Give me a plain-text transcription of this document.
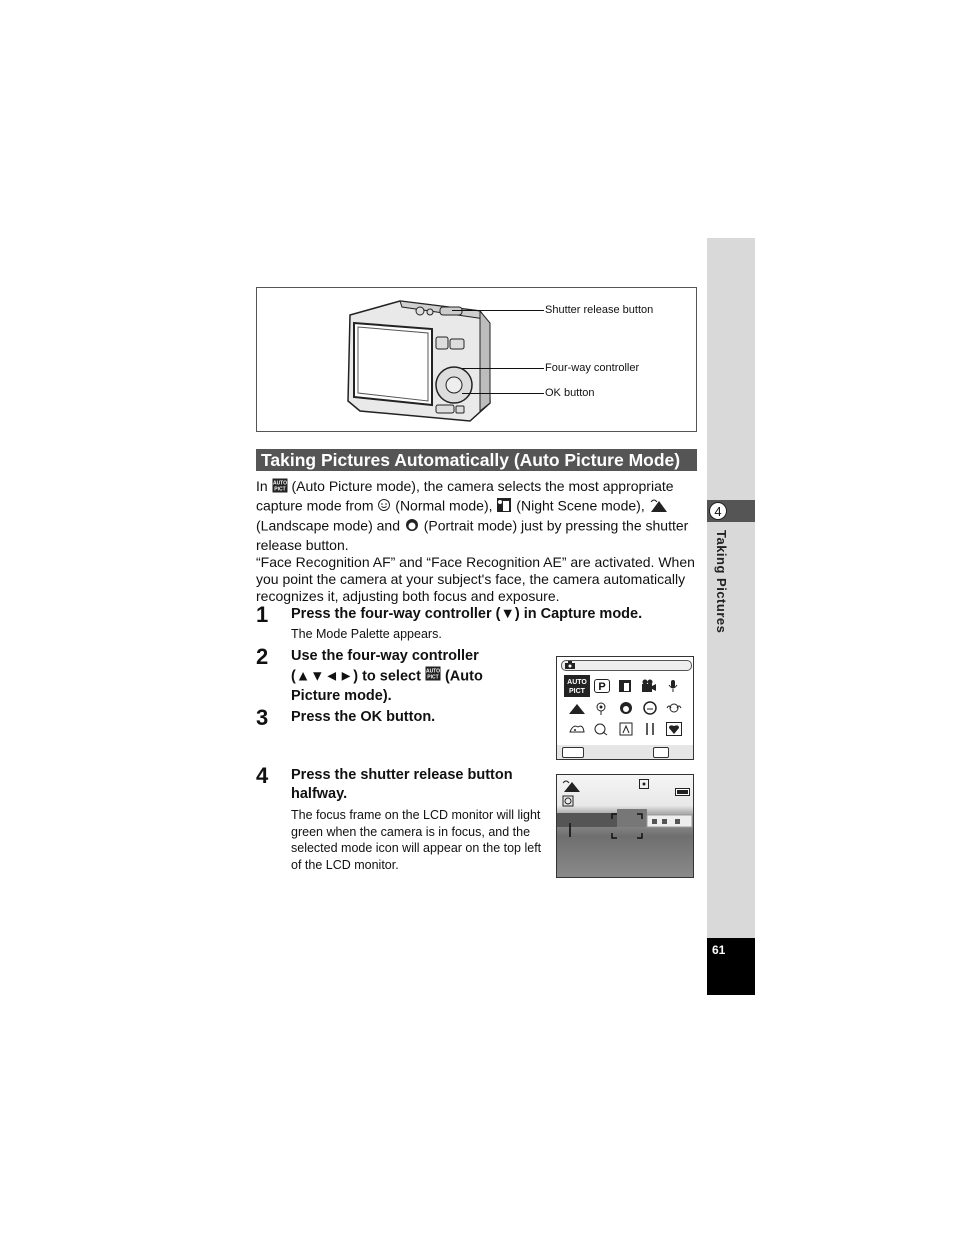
4
Taking Pictures
61
Shutter release button
Four-way controller
OK button
Taking Pictures Automatically (Auto Picture Mode)
In AUTO
PICT (Auto Picture mode), the camera selects the most appropriate capture mode from  (Normal mode),  (Night Scene mode),
(Landscape mode) and  (Portrait mode) just by pressing the shutter release button.
“Face Recognition AF” and “Face Recognition AE” are activated. When you point the camera at your subject's face, the camera automatically recognizes it, adjusting both focus and exposure.
1 Press the four-way controller (▼) in Capture mode.
The Mode Palette appears.
2 Use the four-way controller (▲▼◄►) to select AUTO
PICT (Auto Picture mode).
3 Press the OK button.
4 Press the shutter release button halfway.
The focus frame on the LCD monitor will light green when the camera is in focus, and the selected mode icon will appear on the top left of the LCD monitor.
AUTO
PICT	P
